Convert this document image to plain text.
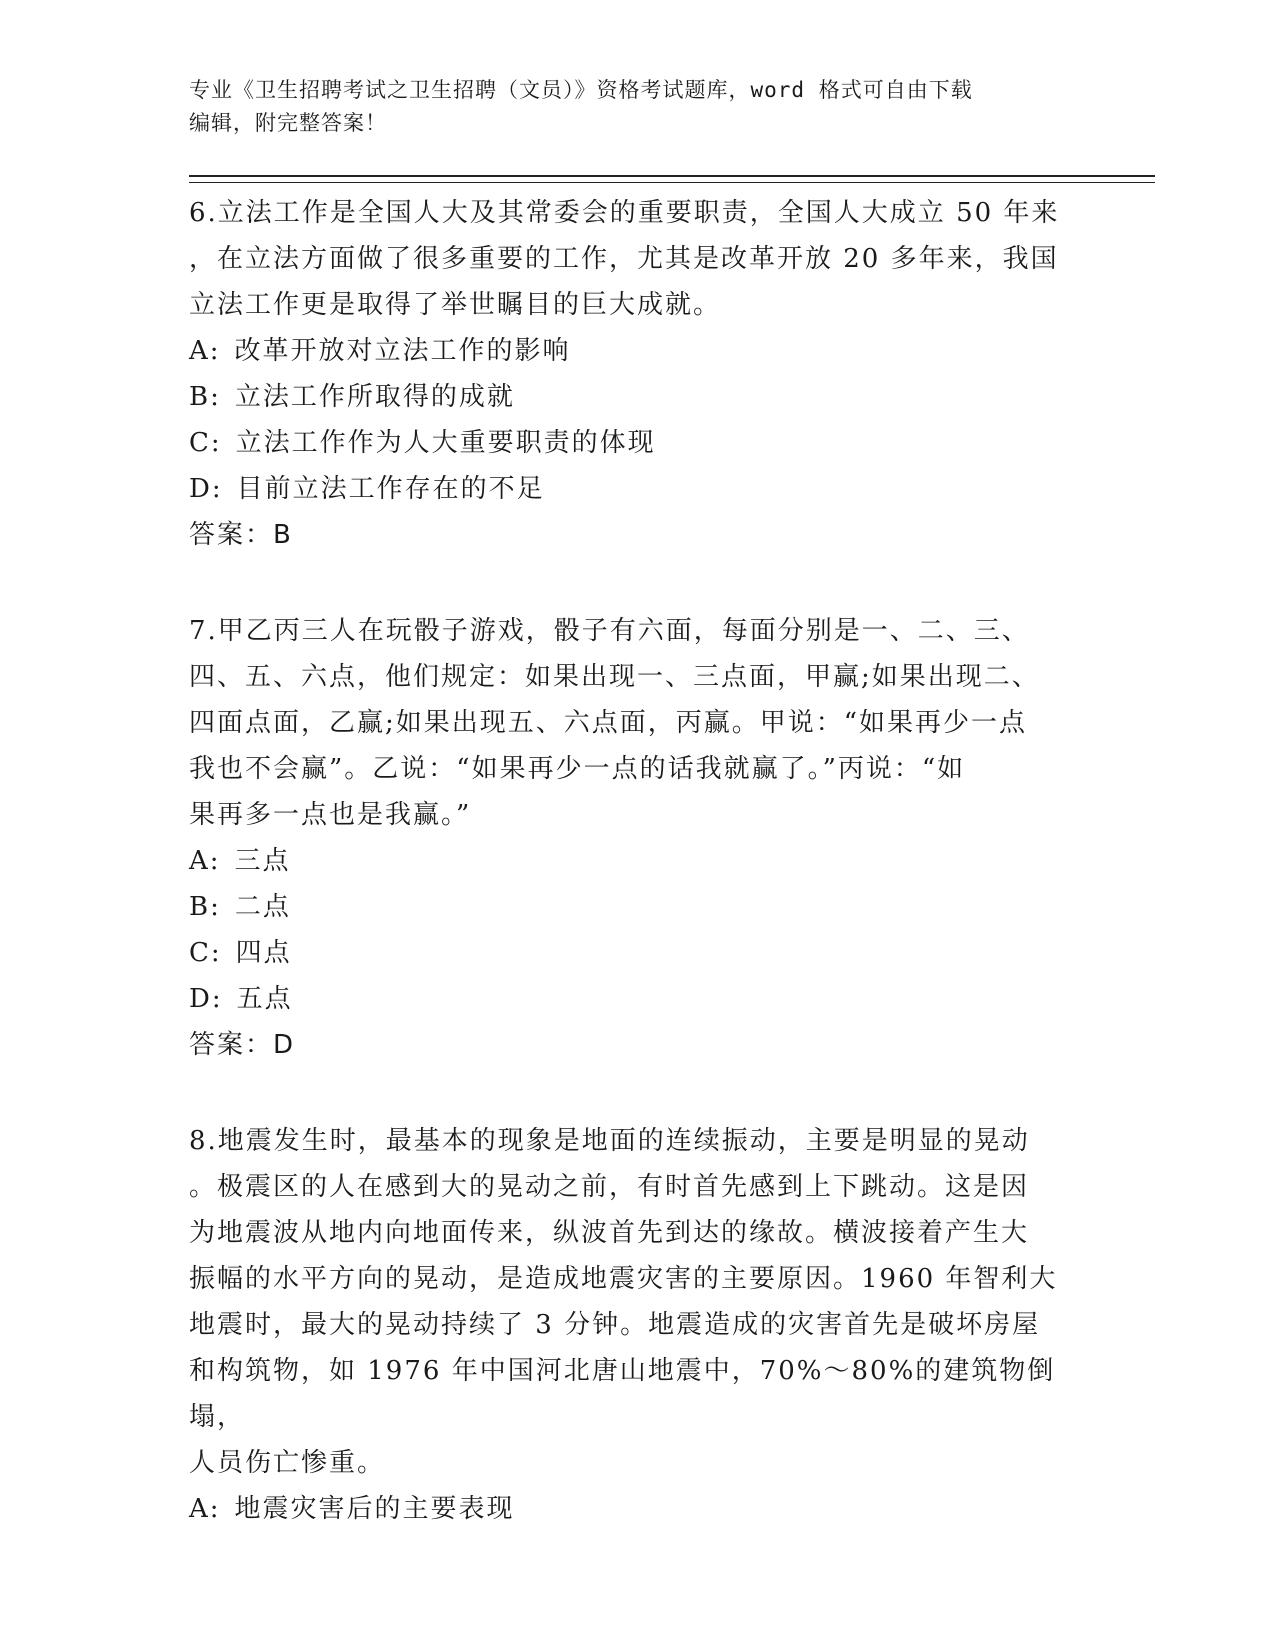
专业《卫生招聘考试之卫生招聘（文员）》资格考试题库，word 格式可自由下载
编辑，附完整答案！
6.立法工作是全国人大及其常委会的重要职责，全国人大成立 50 年来
，在立法方面做了很多重要的工作，尤其是改革开放 20 多年来，我国
立法工作更是取得了举世瞩目的巨大成就。
A: 改革开放对立法工作的影响
B: 立法工作所取得的成就
C: 立法工作作为人大重要职责的体现
D: 目前立法工作存在的不足
答案：B
7.甲乙丙三人在玩骰子游戏，骰子有六面，每面分别是一、二、三、
四、五、六点，他们规定：如果出现一、三点面，甲赢;如果出现二、
四面点面，乙赢;如果出现五、六点面，丙赢。甲说：“如果再少一点
我也不会赢”。乙说：“如果再少一点的话我就赢了。”丙说：“如
果再多一点也是我赢。”
A: 三点
B: 二点
C: 四点
D: 五点
答案：D
8.地震发生时，最基本的现象是地面的连续振动，主要是明显的晃动
。极震区的人在感到大的晃动之前，有时首先感到上下跳动。这是因
为地震波从地内向地面传来，纵波首先到达的缘故。横波接着产生大
振幅的水平方向的晃动，是造成地震灾害的主要原因。1960 年智利大
地震时，最大的晃动持续了 3 分钟。地震造成的灾害首先是破坏房屋
和构筑物，如 1976 年中国河北唐山地震中，70%～80%的建筑物倒塌，
人员伤亡惨重。
A: 地震灾害后的主要表现
